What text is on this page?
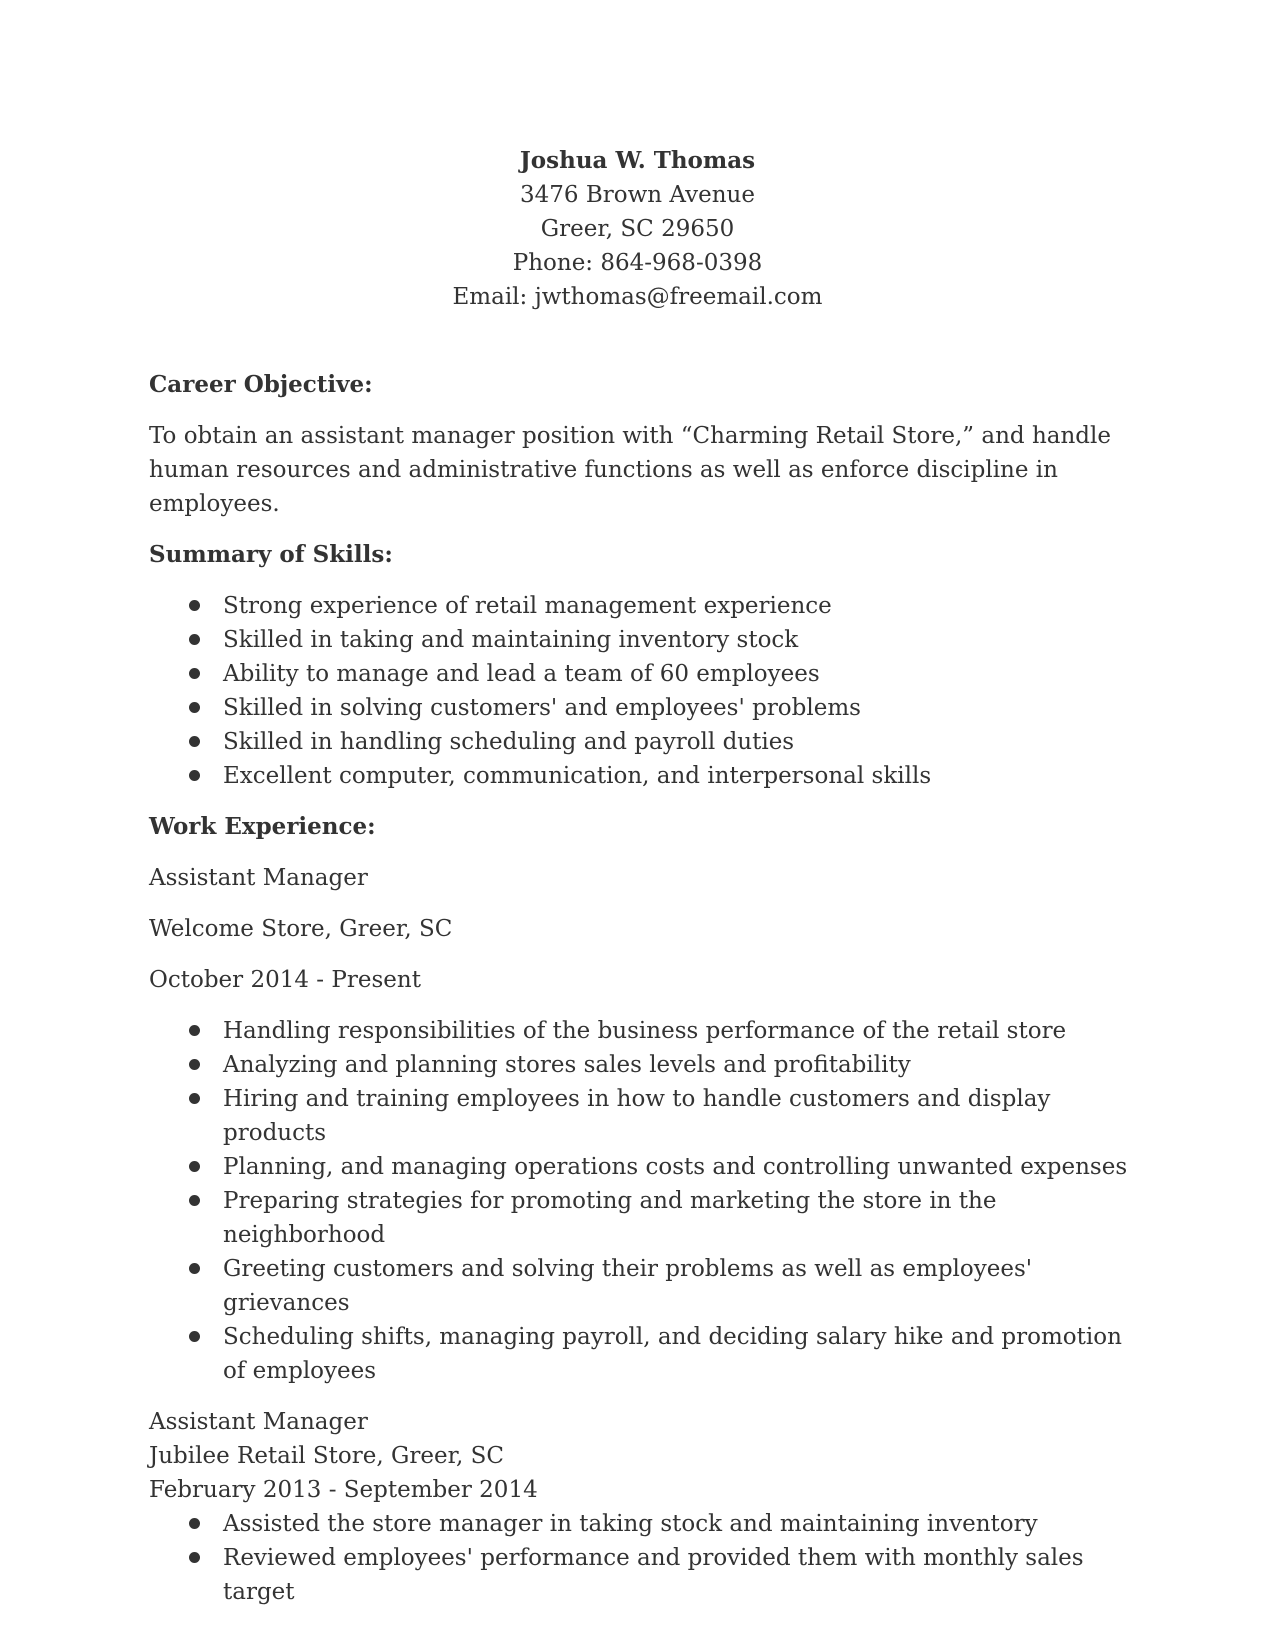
Joshua W. Thomas
3476 Brown Avenue
Greer, SC 29650
Phone: 864-968-0398
Email: jwthomas@freemail.com
Career Objective:
To obtain an assistant manager position with “Charming Retail Store,” and handle human resources and administrative functions as well as enforce discipline in employees.
Summary of Skills:
Strong experience of retail management experience
Skilled in taking and maintaining inventory stock
Ability to manage and lead a team of 60 employees
Skilled in solving customers' and employees' problems
Skilled in handling scheduling and payroll duties
Excellent computer, communication, and interpersonal skills
Work Experience:
Assistant Manager
Welcome Store, Greer, SC
October 2014 - Present
Handling responsibilities of the business performance of the retail store
Analyzing and planning stores sales levels and profitability
Hiring and training employees in how to handle customers and display products
Planning, and managing operations costs and controlling unwanted expenses
Preparing strategies for promoting and marketing the store in the neighborhood
Greeting customers and solving their problems as well as employees' grievances
Scheduling shifts, managing payroll, and deciding salary hike and promotion of employees
Assistant Manager
Jubilee Retail Store, Greer, SC
February 2013 - September 2014
Assisted the store manager in taking stock and maintaining inventory
Reviewed employees' performance and provided them with monthly sales target
